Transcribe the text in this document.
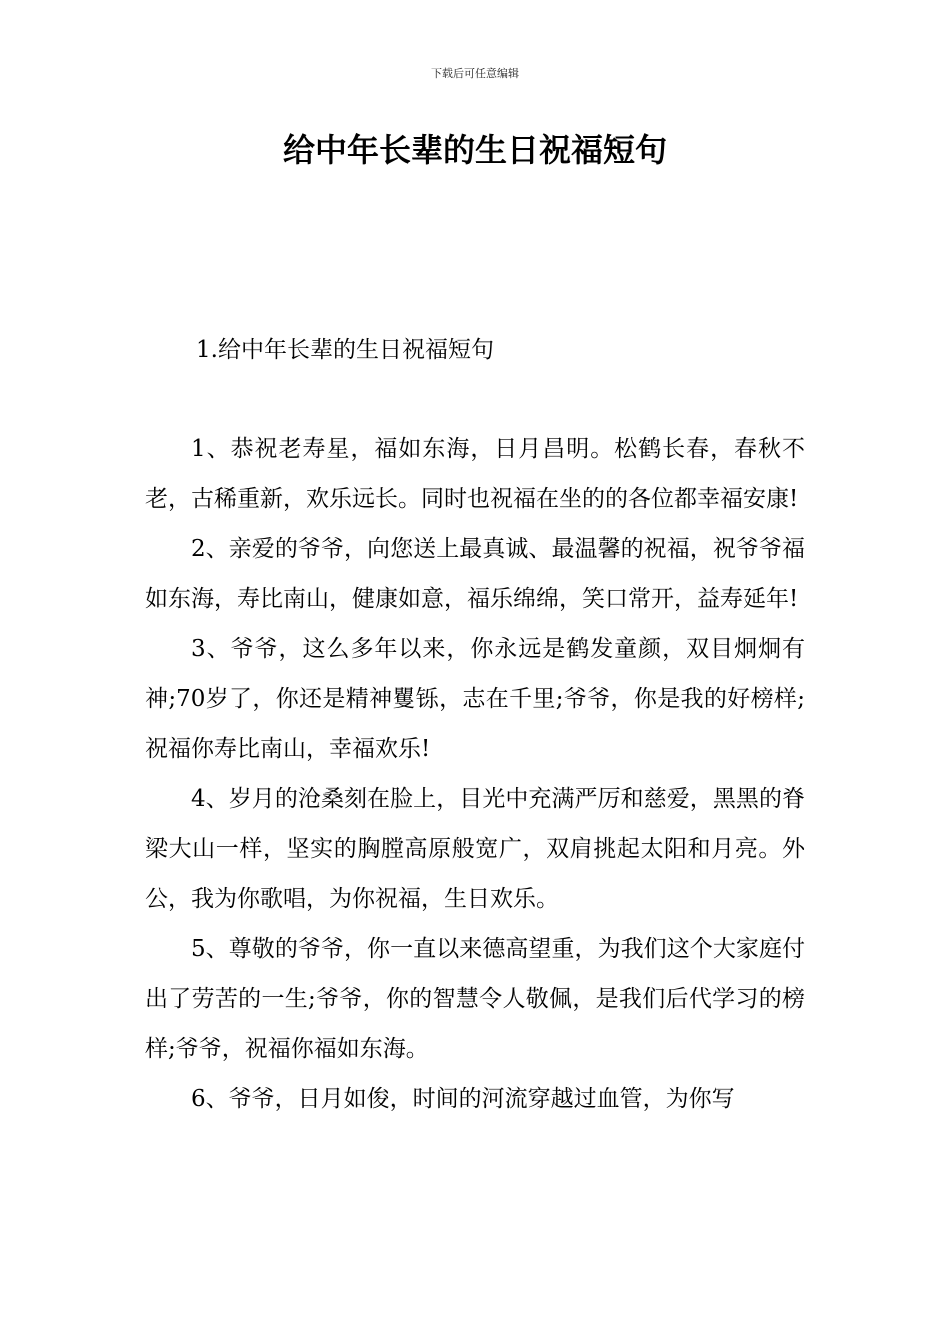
下载后可任意编辑
给中年长辈的生日祝福短句

1.给中年长辈的生日祝福短句

1、恭祝老寿星，福如东海，日月昌明。松鹤长春，春秋不老，古稀重新，欢乐远长。同时也祝福在坐的的各位都幸福安康!

2、亲爱的爷爷，向您送上最真诚、最温馨的祝福，祝爷爷福如东海，寿比南山，健康如意，福乐绵绵，笑口常开，益寿延年!

3、爷爷，这么多年以来，你永远是鹤发童颜，双目炯炯有神;70岁了，你还是精神矍铄，志在千里;爷爷，你是我的好榜样;祝福你寿比南山，幸福欢乐!

4、岁月的沧桑刻在脸上，目光中充满严厉和慈爱，黑黑的脊梁大山一样，坚实的胸膛高原般宽广，双肩挑起太阳和月亮。外公，我为你歌唱，为你祝福，生日欢乐。

5、尊敬的爷爷，你一直以来德高望重，为我们这个大家庭付出了劳苦的一生;爷爷，你的智慧令人敬佩，是我们后代学习的榜样;爷爷，祝福你福如东海。

6、爷爷，日月如俊，时间的河流穿越过血管，为你写
